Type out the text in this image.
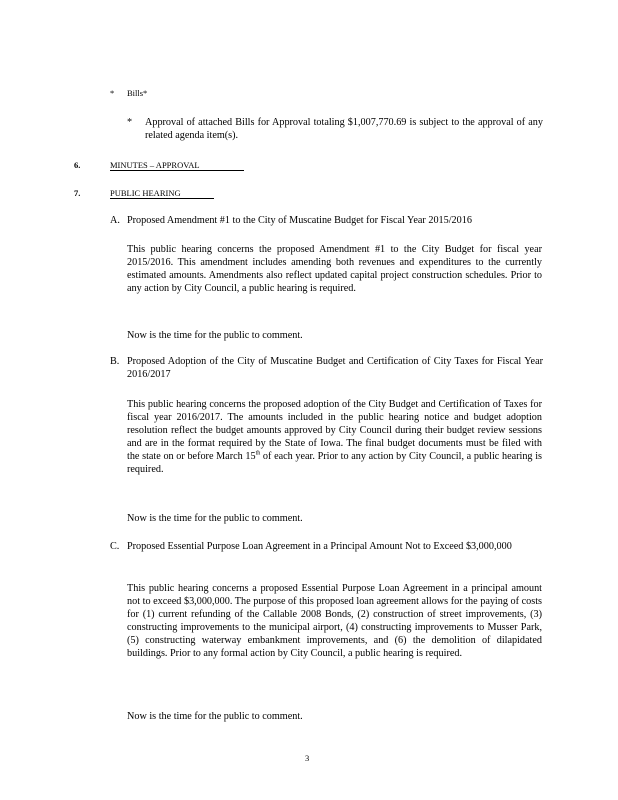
* Bills*
* Approval of attached Bills for Approval totaling $1,007,770.69 is subject to the approval of any related agenda item(s).
6.	MINUTES – APPROVAL
7.	PUBLIC HEARING
A. Proposed Amendment #1 to the City of Muscatine Budget for Fiscal Year 2015/2016
This public hearing concerns the proposed Amendment #1 to the City Budget for fiscal year 2015/2016. This amendment includes amending both revenues and expenditures to the currently estimated amounts. Amendments also reflect updated capital project construction schedules. Prior to any action by City Council, a public hearing is required.
Now is the time for the public to comment.
B. Proposed Adoption of the City of Muscatine Budget and Certification of City Taxes for Fiscal Year 2016/2017
This public hearing concerns the proposed adoption of the City Budget and Certification of Taxes for fiscal year 2016/2017. The amounts included in the public hearing notice and budget adoption resolution reflect the budget amounts approved by City Council during their budget review sessions and are in the format required by the State of Iowa. The final budget documents must be filed with the state on or before March 15th of each year. Prior to any action by City Council, a public hearing is required.
Now is the time for the public to comment.
C. Proposed Essential Purpose Loan Agreement in a Principal Amount Not to Exceed $3,000,000
This public hearing concerns a proposed Essential Purpose Loan Agreement in a principal amount not to exceed $3,000,000. The purpose of this proposed loan agreement allows for the paying of costs for (1) current refunding of the Callable 2008 Bonds, (2) construction of street improvements, (3) constructing improvements to the municipal airport, (4) constructing improvements to Musser Park, (5) constructing waterway embankment improvements, and (6) the demolition of dilapidated buildings. Prior to any formal action by City Council, a public hearing is required.
Now is the time for the public to comment.
3
